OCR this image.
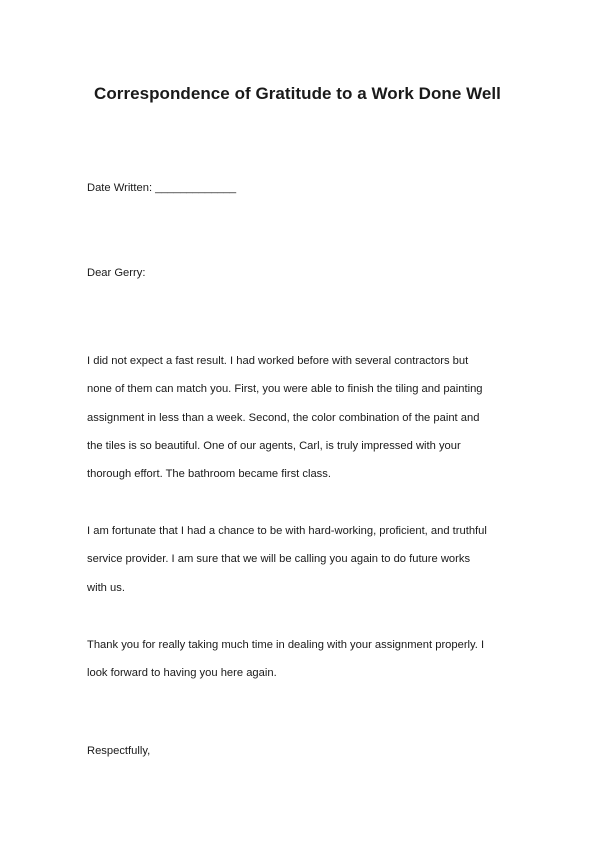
Correspondence of Gratitude to a Work Done Well

Date Written: _____________

Dear Gerry:

I did not expect a fast result. I had worked before with several contractors but
none of them can match you. First, you were able to finish the tiling and painting
assignment in less than a week. Second, the color combination of the paint and
the tiles is so beautiful. One of our agents, Carl, is truly impressed with your
thorough effort. The bathroom became first class.
I am fortunate that I had a chance to be with hard-working, proficient, and truthful
service provider. I am sure that we will be calling you again to do future works
with us.
Thank you for really taking much time in dealing with your assignment properly. I
look forward to having you here again.

Respectfully,
